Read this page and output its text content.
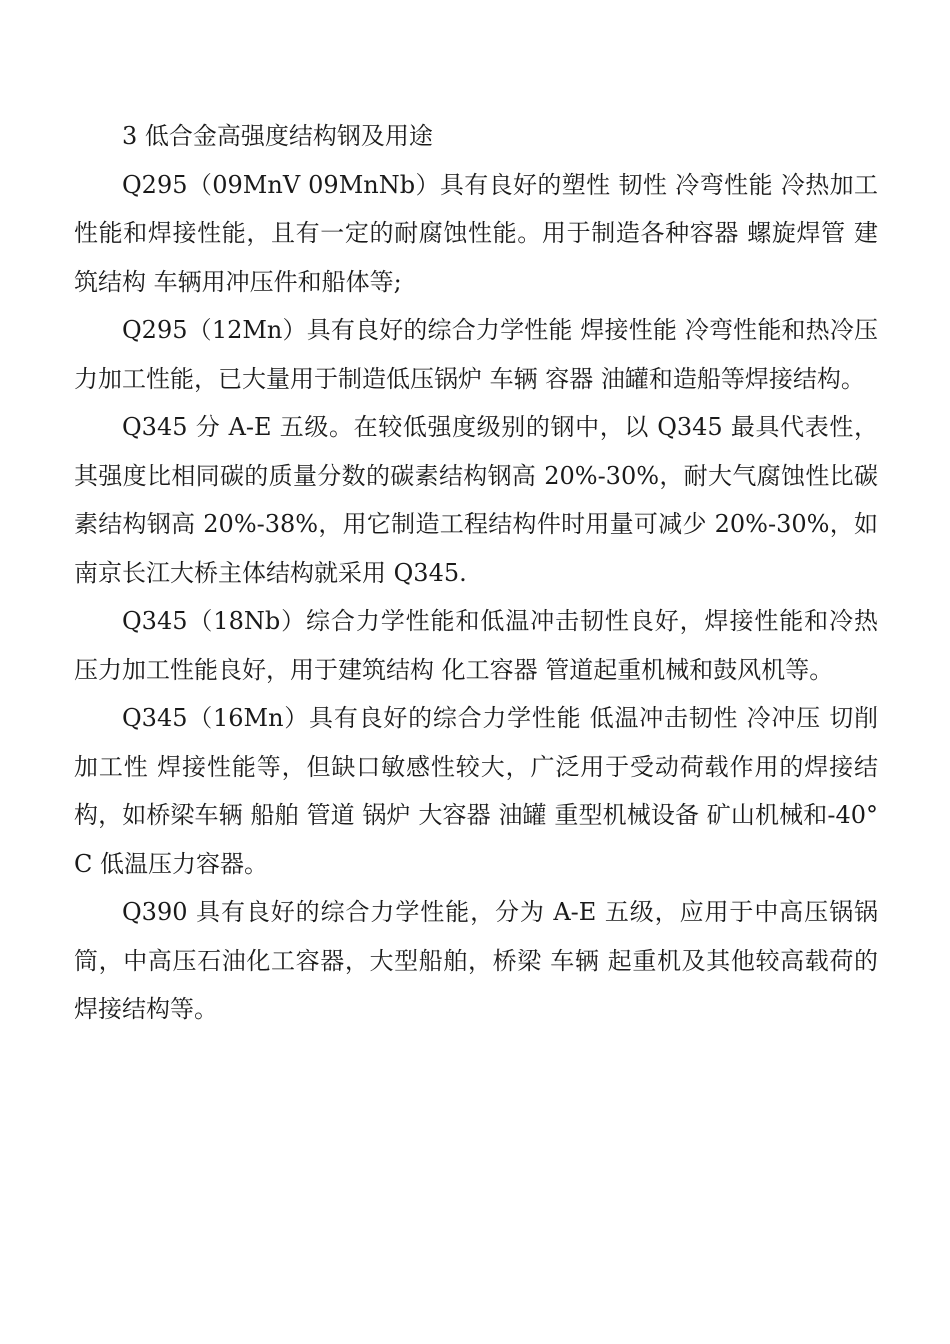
3 低合金高强度结构钢及用途

Q295（09MnV 09MnNb）具有良好的塑性 韧性 冷弯性能 冷热加工性能和焊接性能，且有一定的耐腐蚀性能。用于制造各种容器 螺旋焊管 建筑结构 车辆用冲压件和船体等;

Q295（12Mn）具有良好的综合力学性能 焊接性能 冷弯性能和热冷压力加工性能，已大量用于制造低压锅炉 车辆 容器 油罐和造船等焊接结构。

Q345 分 A-E 五级。在较低强度级别的钢中，以 Q345 最具代表性，其强度比相同碳的质量分数的碳素结构钢高 20%-30%，耐大气腐蚀性比碳素结构钢高 20%-38%，用它制造工程结构件时用量可减少 20%-30%，如南京长江大桥主体结构就采用 Q345.

Q345（18Nb）综合力学性能和低温冲击韧性良好，焊接性能和冷热压力加工性能良好，用于建筑结构 化工容器 管道起重机械和鼓风机等。

Q345（16Mn）具有良好的综合力学性能 低温冲击韧性 冷冲压 切削加工性 焊接性能等，但缺口敏感性较大，广泛用于受动荷载作用的焊接结构，如桥梁车辆 船舶 管道 锅炉 大容器 油罐 重型机械设备 矿山机械和-40° C 低温压力容器。

Q390 具有良好的综合力学性能，分为 A-E 五级，应用于中高压锅锅筒，中高压石油化工容器，大型船舶，桥梁 车辆 起重机及其他较高载荷的焊接结构等。
